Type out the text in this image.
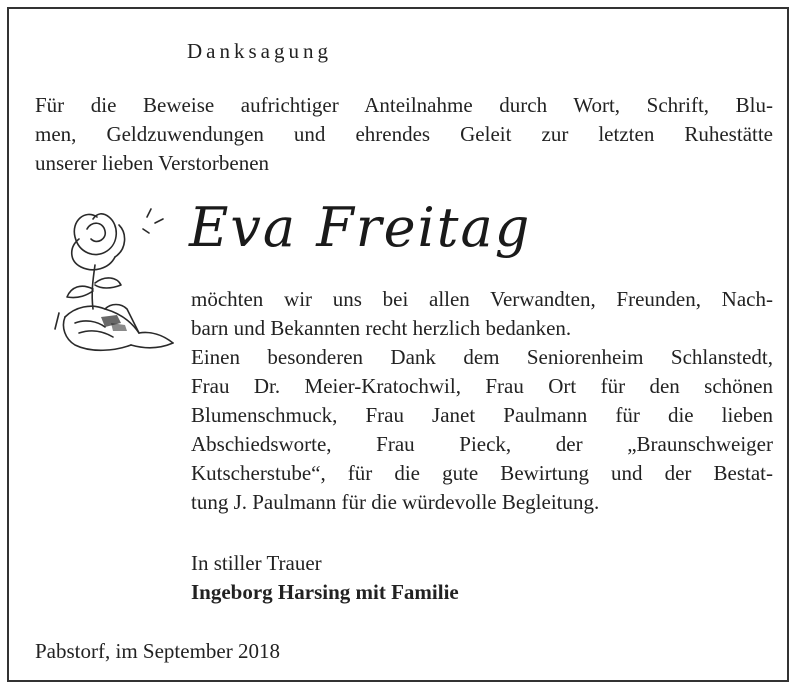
Danksagung

Für die Beweise aufrichtiger Anteilnahme durch Wort, Schrift, Blu-
men, Geldzuwendungen und ehrendes Geleit zur letzten Ruhestätte
unserer lieben Verstorbenen

Eva Freitag

möchten wir uns bei allen Verwandten, Freunden, Nach-
barn und Bekannten recht herzlich bedanken.
Einen besonderen Dank dem Seniorenheim Schlanstedt,
Frau Dr. Meier-Kratochwil, Frau Ort für den schönen
Blumenschmuck, Frau Janet Paulmann für die lieben
Abschiedsworte, Frau Pieck, der „Braunschweiger
Kutscherstube“, für die gute Bewirtung und der Bestat-
tung J. Paulmann für die würdevolle Begleitung.
In stiller Trauer
Ingeborg Harsing mit Familie

Pabstorf, im September 2018
